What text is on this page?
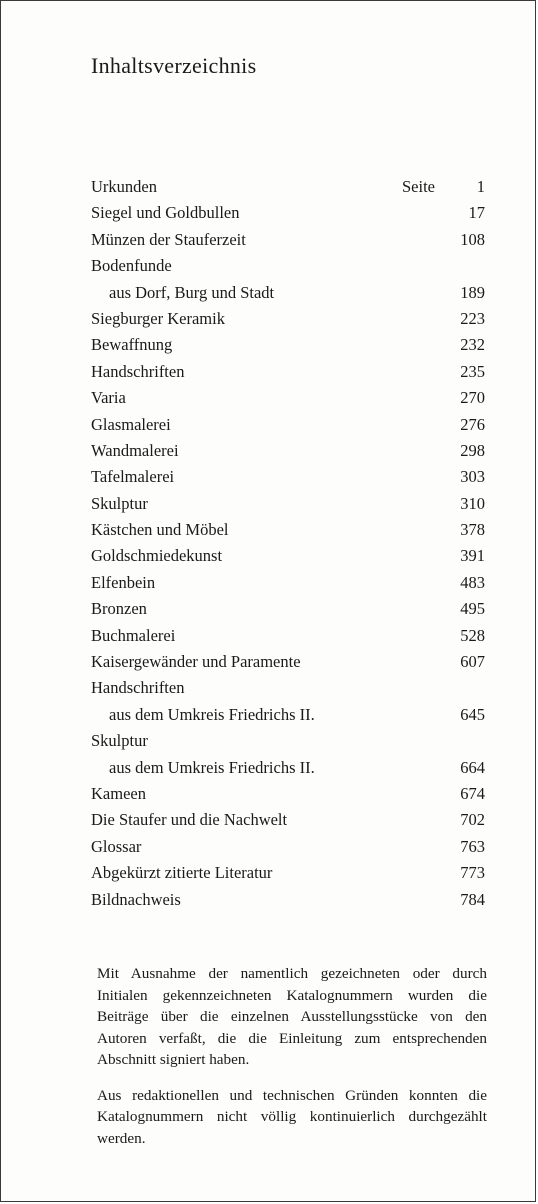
Inhaltsverzeichnis
Urkunden	Seite	1
Siegel und Goldbullen	17
Münzen der Stauferzeit	108
Bodenfunde
aus Dorf, Burg und Stadt	189
Siegburger Keramik	223
Bewaffnung	232
Handschriften	235
Varia	270
Glasmalerei	276
Wandmalerei	298
Tafelmalerei	303
Skulptur	310
Kästchen und Möbel	378
Goldschmiedekunst	391
Elfenbein	483
Bronzen	495
Buchmalerei	528
Kaisergewänder und Paramente	607
Handschriften
aus dem Umkreis Friedrichs II.	645
Skulptur
aus dem Umkreis Friedrichs II.	664
Kameen	674
Die Staufer und die Nachwelt	702
Glossar	763
Abgekürzt zitierte Literatur	773
Bildnachweis	784

Mit Ausnahme der namentlich gezeichneten oder durch Initialen gekennzeichneten Katalognummern wurden die Beiträge über die einzelnen Ausstellungsstücke von den Autoren verfaßt, die die Einleitung zum entsprechenden Abschnitt signiert haben.

Aus redaktionellen und technischen Gründen konnten die Katalognummern nicht völlig kontinuierlich durchgezählt werden.
